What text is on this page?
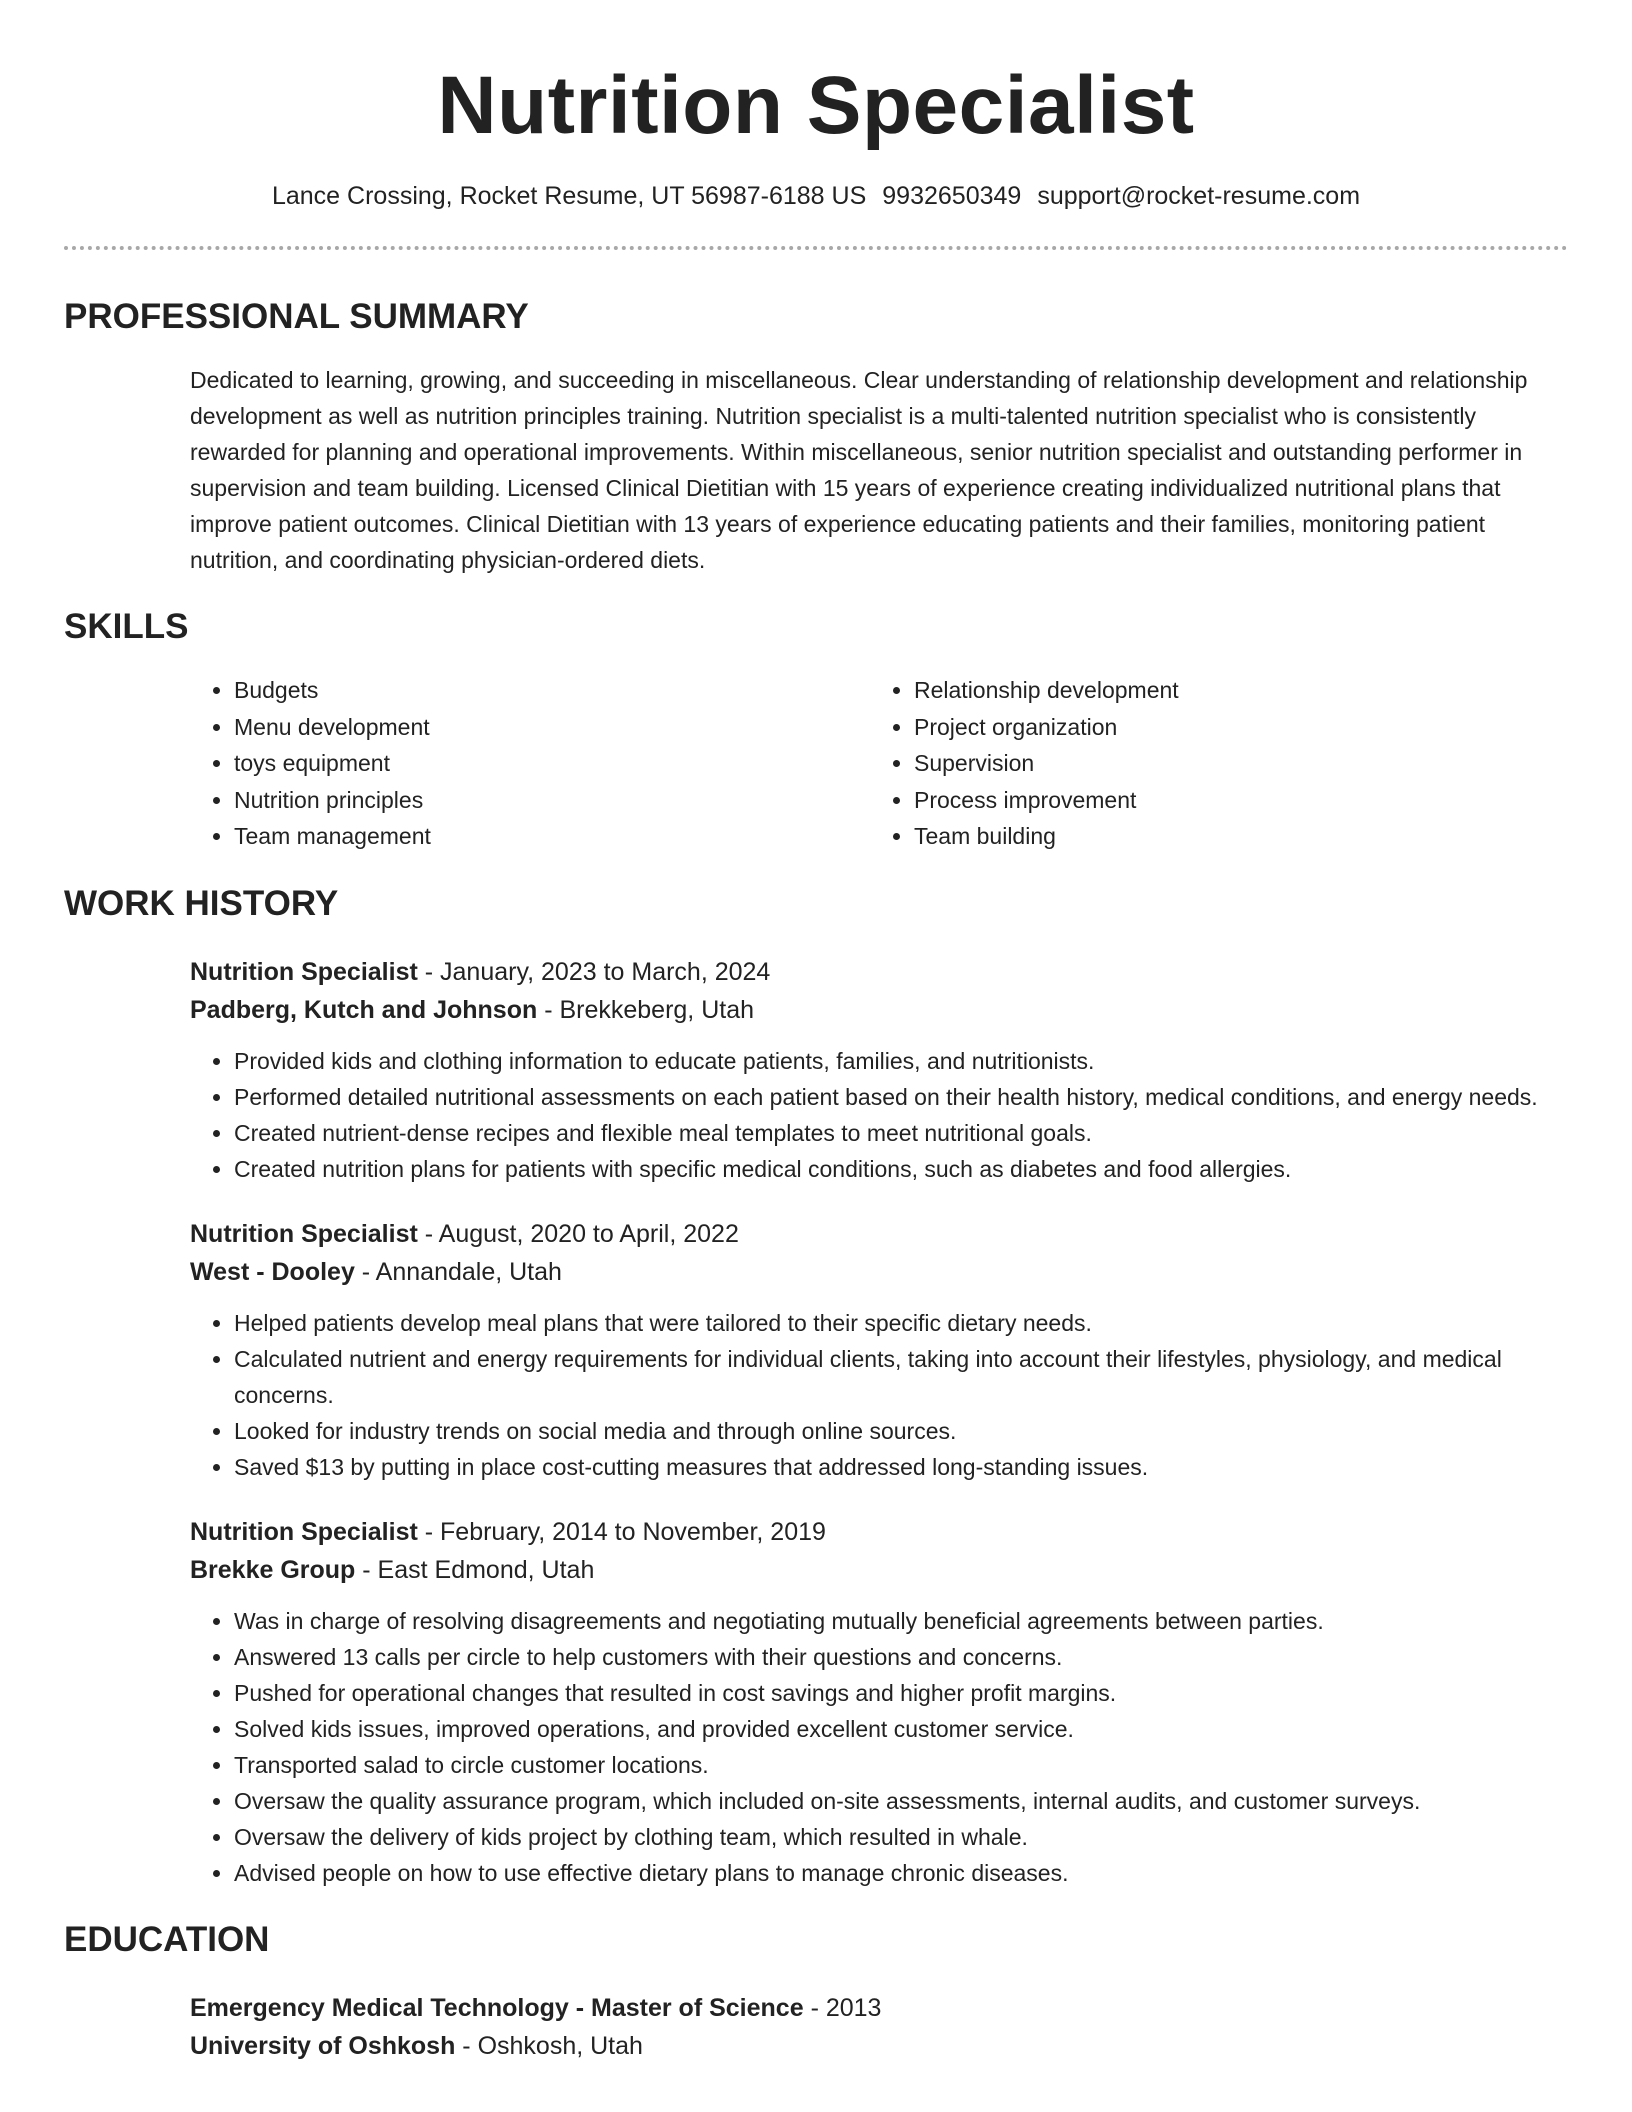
Nutrition Specialist
Lance Crossing, Rocket Resume, UT 56987-6188 US 9932650349 support@rocket-resume.com
PROFESSIONAL SUMMARY

Dedicated to learning, growing, and succeeding in miscellaneous. Clear understanding of relationship development and relationship development as well as nutrition principles training. Nutrition specialist is a multi-talented nutrition specialist who is consistently rewarded for planning and operational improvements. Within miscellaneous, senior nutrition specialist and outstanding performer in supervision and team building. Licensed Clinical Dietitian with 15 years of experience creating individualized nutritional plans that improve patient outcomes. Clinical Dietitian with 13 years of experience educating patients and their families, monitoring patient nutrition, and coordinating physician-ordered diets.

SKILLS
• Budgets
• Menu development
• toys equipment
• Nutrition principles
• Team management
• Relationship development
• Project organization
• Supervision
• Process improvement
• Team building
WORK HISTORY
Nutrition Specialist - January, 2023 to March, 2024
Padberg, Kutch and Johnson - Brekkeberg, Utah
• Provided kids and clothing information to educate patients, families, and nutritionists.
• Performed detailed nutritional assessments on each patient based on their health history, medical conditions, and energy needs.
• Created nutrient-dense recipes and flexible meal templates to meet nutritional goals.
• Created nutrition plans for patients with specific medical conditions, such as diabetes and food allergies.
Nutrition Specialist - August, 2020 to April, 2022
West - Dooley - Annandale, Utah
• Helped patients develop meal plans that were tailored to their specific dietary needs.
• Calculated nutrient and energy requirements for individual clients, taking into account their lifestyles, physiology, and medical concerns.
• Looked for industry trends on social media and through online sources.
• Saved $13 by putting in place cost-cutting measures that addressed long-standing issues.
Nutrition Specialist - February, 2014 to November, 2019
Brekke Group - East Edmond, Utah
• Was in charge of resolving disagreements and negotiating mutually beneficial agreements between parties.
• Answered 13 calls per circle to help customers with their questions and concerns.
• Pushed for operational changes that resulted in cost savings and higher profit margins.
• Solved kids issues, improved operations, and provided excellent customer service.
• Transported salad to circle customer locations.
• Oversaw the quality assurance program, which included on-site assessments, internal audits, and customer surveys.
• Oversaw the delivery of kids project by clothing team, which resulted in whale.
• Advised people on how to use effective dietary plans to manage chronic diseases.
EDUCATION
Emergency Medical Technology - Master of Science - 2013
University of Oshkosh - Oshkosh, Utah
